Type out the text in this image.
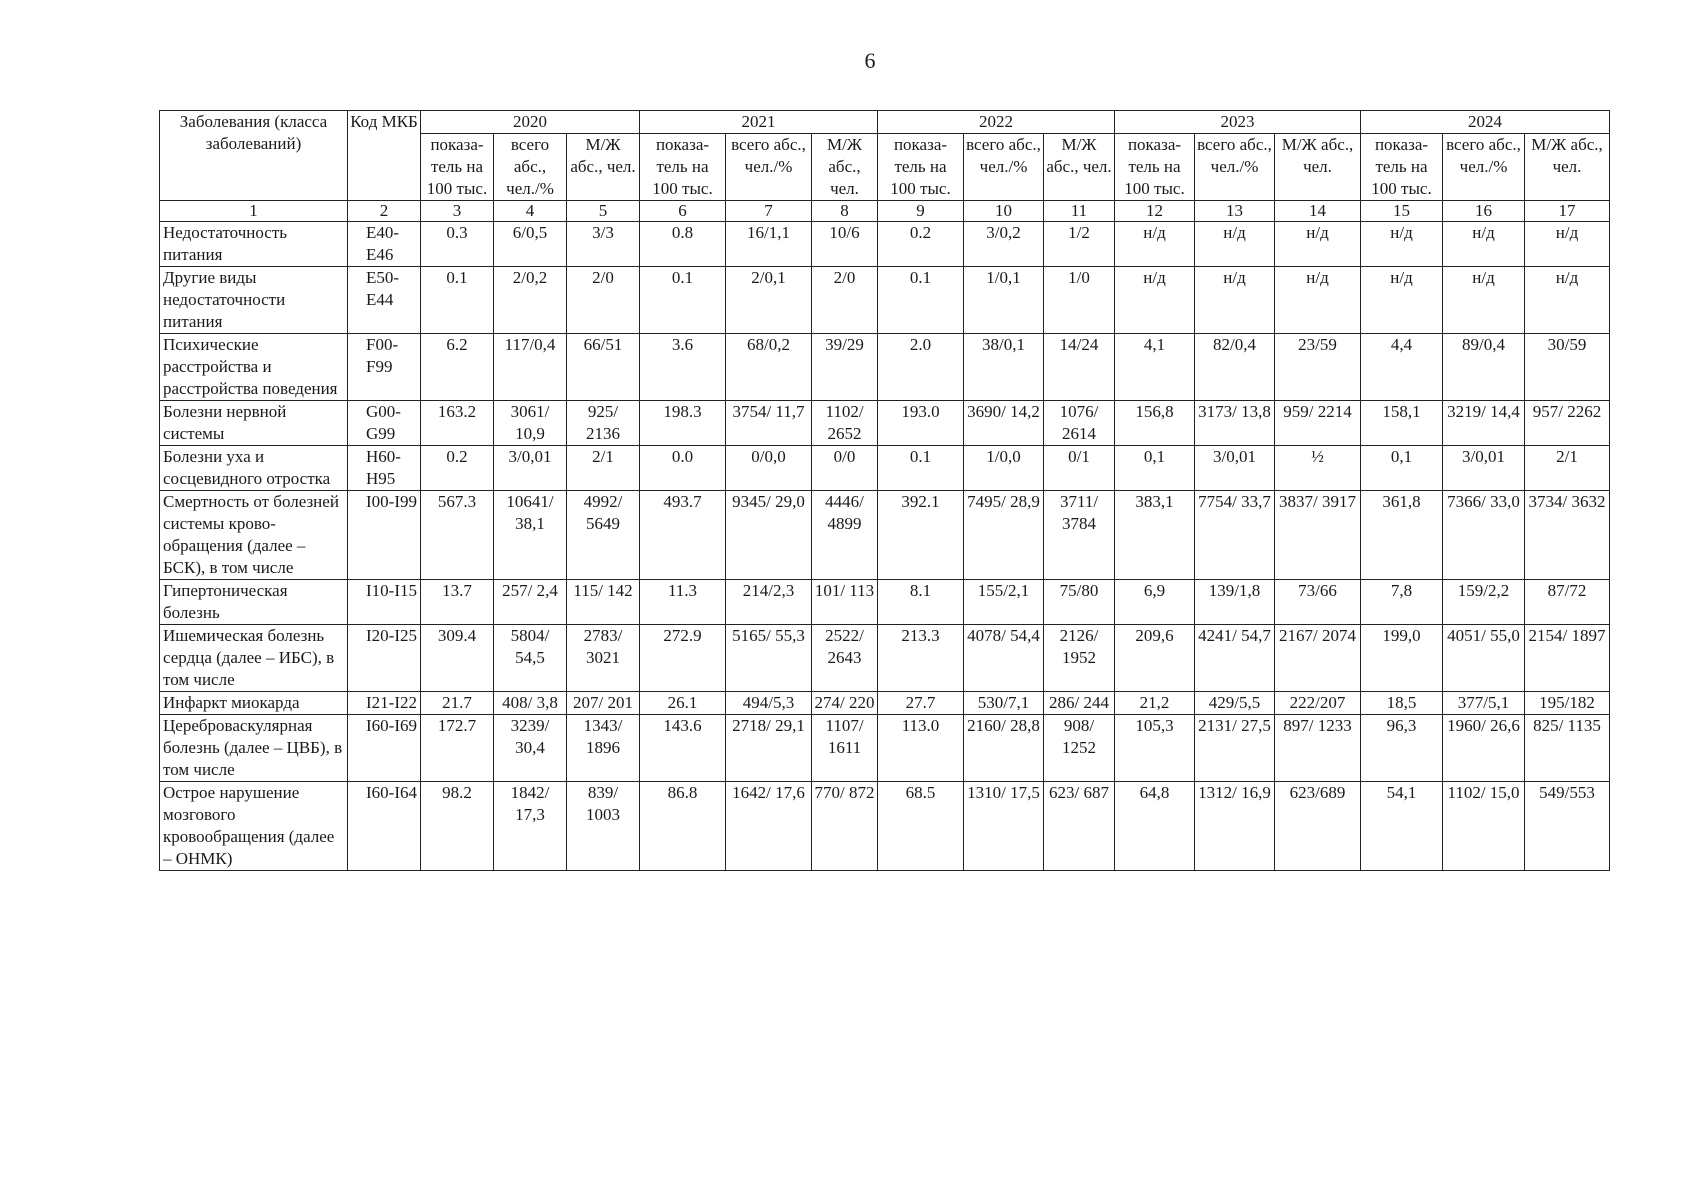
6
Заболевания (класса заболеваний)	Код МКБ	2020			2021			2022			2023			2024		
		показа-тель на 100 тыс.	всего абс., чел./%	М/Ж абс., чел.	показа-тель на 100 тыс.	всего абс., чел./%	М/Ж абс., чел.	показа-тель на 100 тыс.	всего абс., чел./%	М/Ж абс., чел.	показа-тель на 100 тыс.	всего абс., чел./%	М/Ж абс., чел.	показа-тель на 100 тыс.	всего абс., чел./%	М/Ж абс., чел.
1	2	3	4	5	6	7	8	9	10	11	12	13	14	15	16	17
Недостаточность питания	E40-E46	0.3	6/0,5	3/3	0.8	16/1,1	10/6	0.2	3/0,2	1/2	н/д	н/д	н/д	н/д	н/д	н/д
Другие виды недостаточности питания	E50-E44	0.1	2/0,2	2/0	0.1	2/0,1	2/0	0.1	1/0,1	1/0	н/д	н/д	н/д	н/д	н/д	н/д
Психические расстройства и расстройства поведения	F00-F99	6.2	117/0,4	66/51	3.6	68/0,2	39/29	2.0	38/0,1	14/24	4,1	82/0,4	23/59	4,4	89/0,4	30/59
Болезни нервной системы	G00-G99	163.2	3061/ 10,9	925/ 2136	198.3	3754/ 11,7	1102/ 2652	193.0	3690/ 14,2	1076/ 2614	156,8	3173/ 13,8	959/ 2214	158,1	3219/ 14,4	957/ 2262
Болезни уха и сосцевидного отростка	H60-H95	0.2	3/0,01	2/1	0.0	0/0,0	0/0	0.1	1/0,0	0/1	0,1	3/0,01	½	0,1	3/0,01	2/1
Смертность от болезней системы крово-обращения (далее – БСК), в том числе	I00-I99	567.3	10641/ 38,1	4992/ 5649	493.7	9345/ 29,0	4446/ 4899	392.1	7495/ 28,9	3711/ 3784	383,1	7754/ 33,7	3837/ 3917	361,8	7366/ 33,0	3734/ 3632
Гипертоническая болезнь	I10-I15	13.7	257/ 2,4	115/ 142	11.3	214/2,3	101/ 113	8.1	155/2,1	75/80	6,9	139/1,8	73/66	7,8	159/2,2	87/72
Ишемическая болезнь сердца (далее – ИБС), в том числе	I20-I25	309.4	5804/ 54,5	2783/ 3021	272.9	5165/ 55,3	2522/ 2643	213.3	4078/ 54,4	2126/ 1952	209,6	4241/ 54,7	2167/ 2074	199,0	4051/ 55,0	2154/ 1897
Инфаркт миокарда	I21-I22	21.7	408/ 3,8	207/ 201	26.1	494/5,3	274/ 220	27.7	530/7,1	286/ 244	21,2	429/5,5	222/207	18,5	377/5,1	195/182
Цереброваскулярная болезнь (далее – ЦВБ), в том числе	I60-I69	172.7	3239/ 30,4	1343/ 1896	143.6	2718/ 29,1	1107/ 1611	113.0	2160/ 28,8	908/ 1252	105,3	2131/ 27,5	897/ 1233	96,3	1960/ 26,6	825/ 1135
Острое нарушение мозгового кровообращения (далее – ОНМК)	I60-I64	98.2	1842/ 17,3	839/ 1003	86.8	1642/ 17,6	770/ 872	68.5	1310/ 17,5	623/ 687	64,8	1312/ 16,9	623/689	54,1	1102/ 15,0	549/553
